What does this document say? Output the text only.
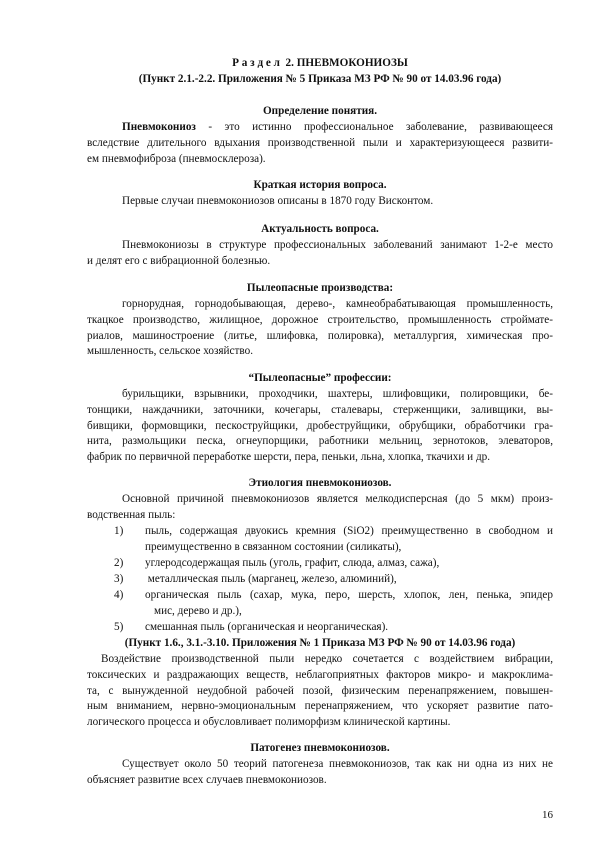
Р а з д е л  2. ПНЕВМОКОНИОЗЫ
(Пункт 2.1.-2.2. Приложения № 5 Приказа МЗ РФ № 90 от 14.03.96 года)
Определение понятия.
Пневмокониоз - это истинно профессиональное заболевание, развивающееся
вследствие длительного вдыхания производственной пыли и характеризующееся развити-
ем пневмофиброза (пневмосклероза).
Краткая история вопроса.
Первые случаи пневмокониозов описаны в 1870 году Висконтом.
Актуальность вопроса.
Пневмокониозы в структуре профессиональных заболеваний занимают 1-2-е место
и делят его с вибрационной болезнью.
Пылеопасные производства:
горнорудная, горнодобывающая, дерево-, камнеобрабатывающая промышленность,
ткацкое производство, жилищное, дорожное строительство, промышленность строймате-
риалов, машиностроение (литье, шлифовка, полировка), металлургия, химическая про-
мышленность, сельское хозяйство.
“Пылеопасные” профессии:
бурильщики, взрывники, проходчики, шахтеры, шлифовщики, полировщики, бе-
тонщики, наждачники, заточники, кочегары, сталевары, стерженщики, заливщики, вы-
бивщики, формовщики, пескоструйщики, дробеструйщики, обрубщики, обработчики гра-
нита, размольщики песка, огнеупорщики, работники мельниц, зернотоков, элеваторов,
фабрик по первичной переработке шерсти, пера, пеньки, льна, хлопка, ткачихи и др.
Этиология пневмокониозов.
Основной причиной пневмокониозов является мелкодисперсная (до 5 мкм) произ-
водственная пыль:
1) пыль, содержащая двуокись кремния (SiO2) преимущественно в свободном и
преимущественно в связанном состоянии (силикаты),
2) углеродсодержащая пыль (уголь, графит, слюда, алмаз, сажа),
3) металлическая пыль (марганец, железо, алюминий),
4) органическая пыль (сахар, мука, перо, шерсть, хлопок, лен, пенька, эпидер
мис, дерево и др.),
5) смешанная пыль (органическая и неорганическая).
(Пункт 1.6., 3.1.-3.10. Приложения № 1 Приказа МЗ РФ № 90 от 14.03.96 года)
Воздействие производственной пыли нередко сочетается с воздействием вибрации,
токсических и раздражающих веществ, неблагоприятных факторов микро- и макроклима-
та, с вынужденной неудобной рабочей позой, физическим перенапряжением, повышен-
ным вниманием, нервно-эмоциональным перенапряжением, что ускоряет развитие пато-
логического процесса и обусловливает полиморфизм клинической картины.
Патогенез пневмокониозов.
Существует около 50 теорий патогенеза пневмокониозов, так как ни одна из них не
объясняет развитие всех случаев пневмокониозов.
16
